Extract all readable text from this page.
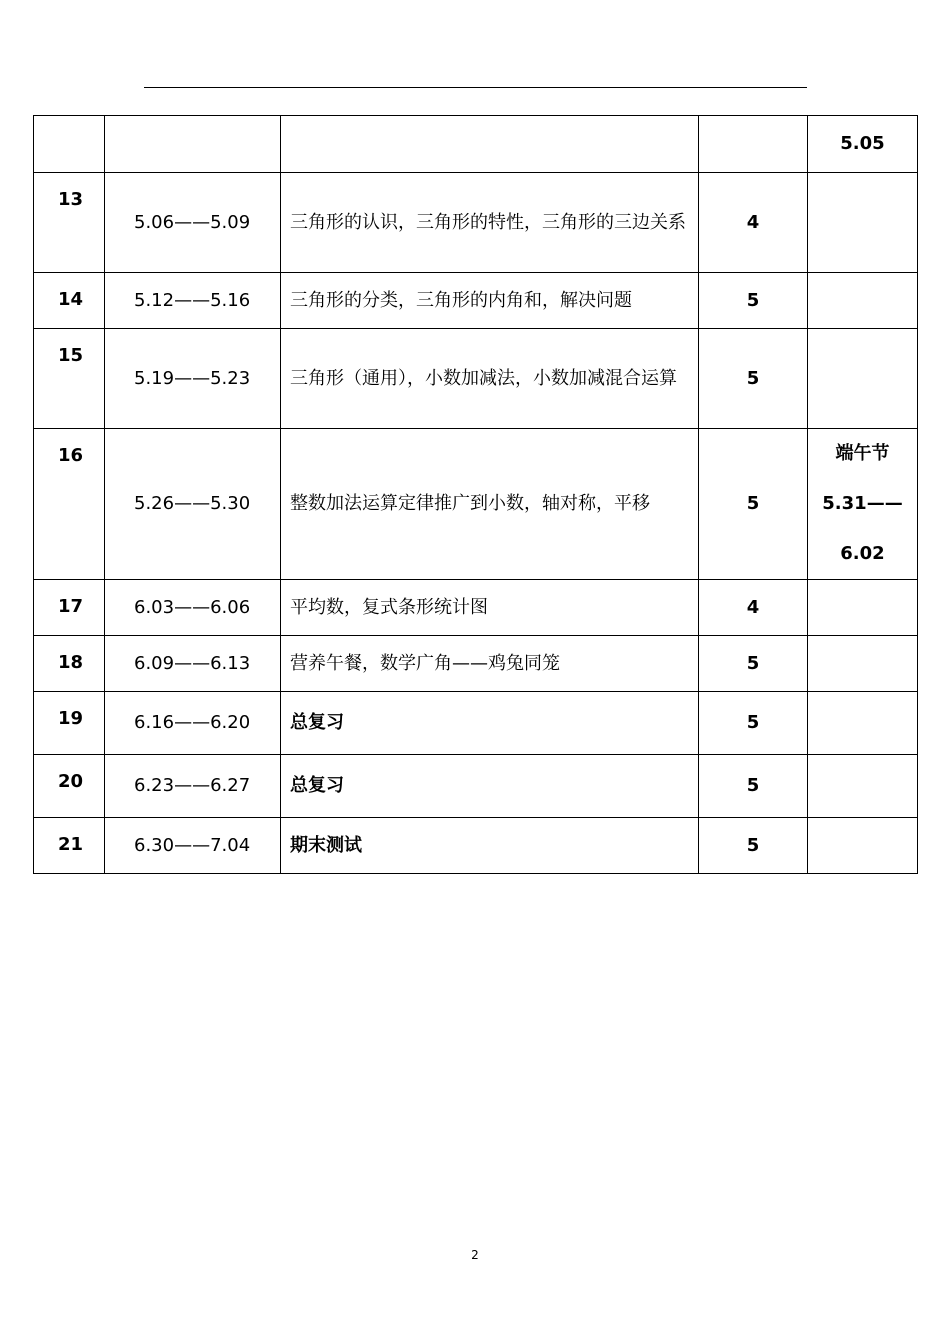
				5.05
13	5.06——5.09	三角形的认识，三角形的特性，三角形的三边关系	4	
14	5.12——5.16	三角形的分类，三角形的内角和，解决问题	5	
15	5.19——5.23	三角形（通用），小数加减法，小数加减混合运算	5	
16	5.26——5.30	整数加法运算定律推广到小数，轴对称，平移	5	端午节
5.31——
6.02

17	6.03——6.06	平均数，复式条形统计图	4	
18	6.09——6.13	营养午餐，数学广角——鸡兔同笼	5	
19	6.16——6.20	总复习	5	
20	6.23——6.27	总复习	5	
21	6.30——7.04	期末测试	5	
2
